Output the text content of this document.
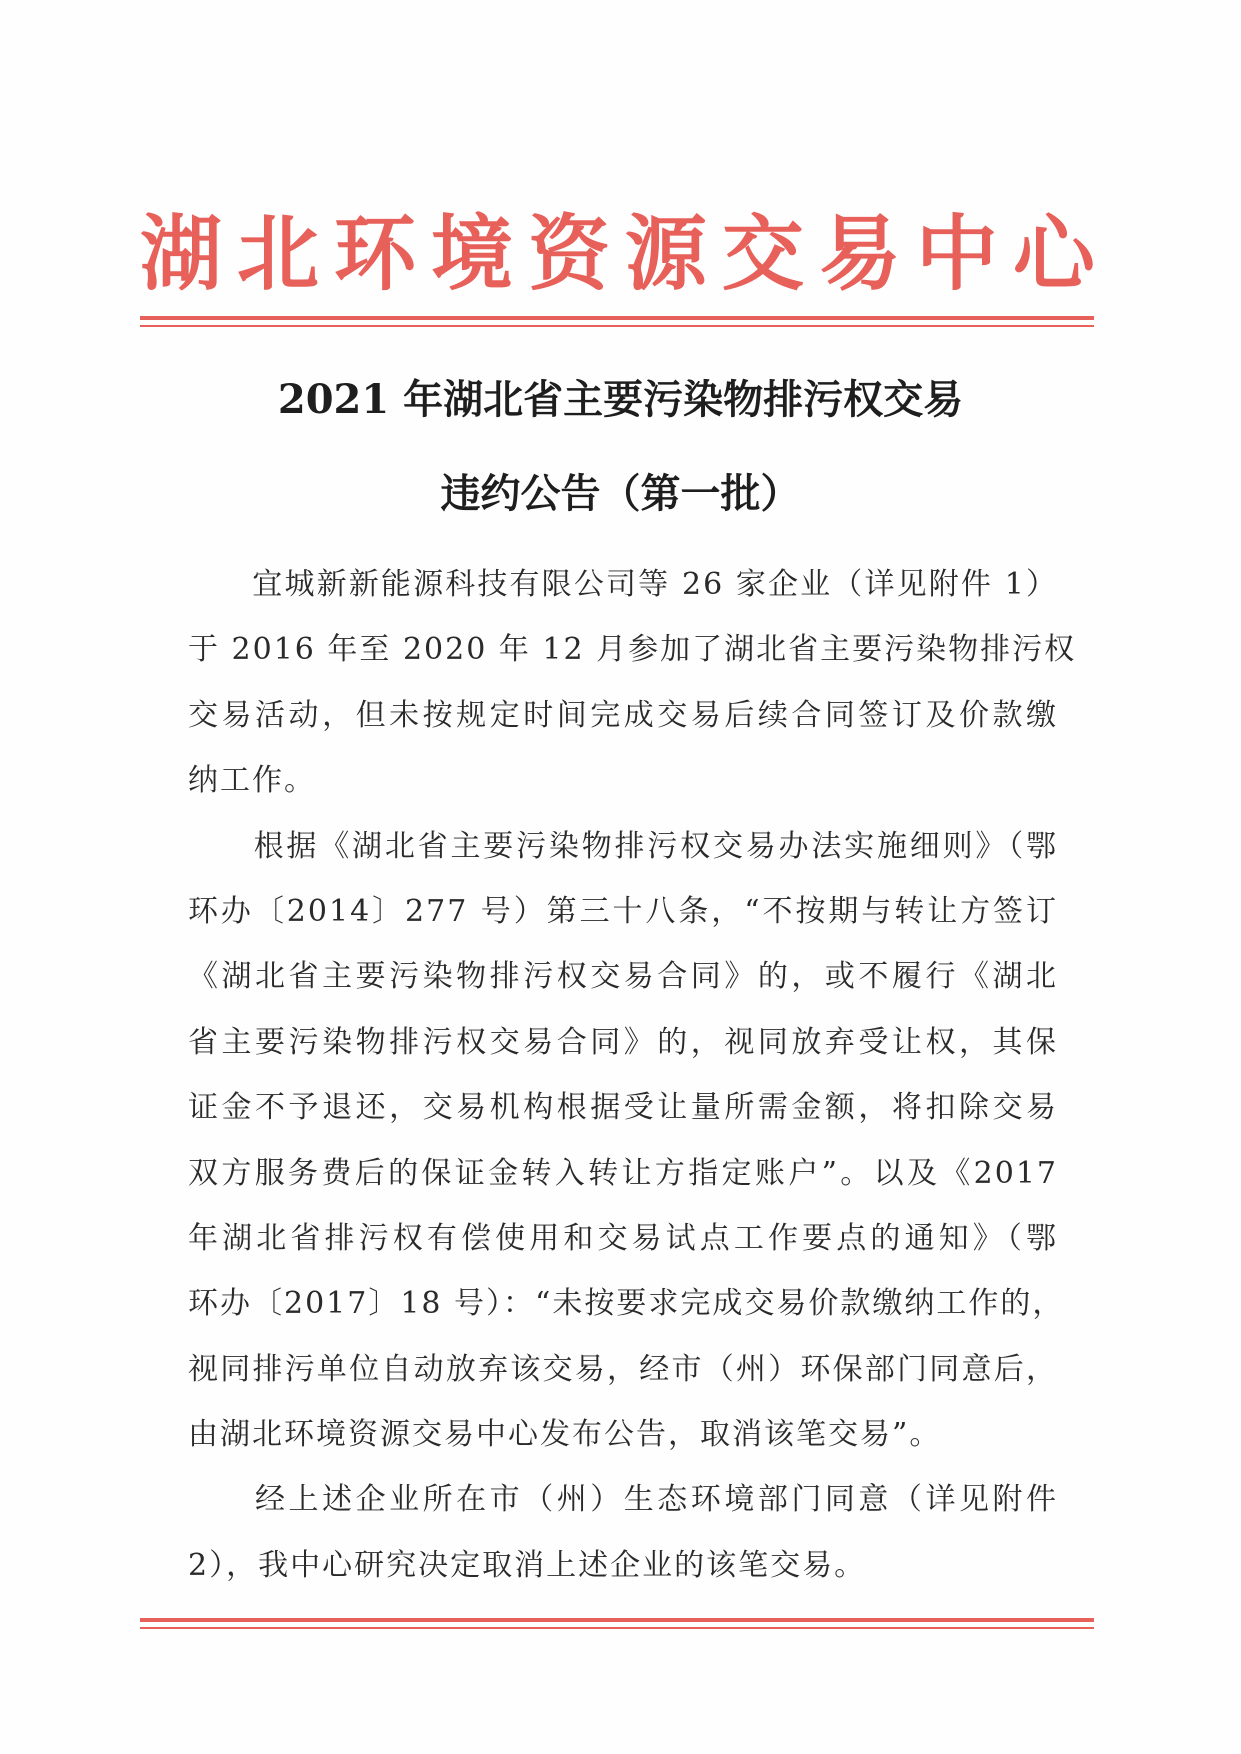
湖 北 环 境 资 源 交 易 中 心
2021 年湖北省主要污染物排污权交易
违约公告（第一批）
　　宜城新新能源科技有限公司等 26 家企业（详见附件 1）
于 2016 年至 2020 年 12 月参加了湖北省主要污染物排污权
交易活动，但未按规定时间完成交易后续合同签订及价款缴
纳工作。
　　根据《湖北省主要污染物排污权交易办法实施细则》（鄂
环办〔2014〕277 号）第三十八条，“不按期与转让方签订
《湖北省主要污染物排污权交易合同》的，或不履行《湖北
省主要污染物排污权交易合同》的，视同放弃受让权，其保
证金不予退还，交易机构根据受让量所需金额，将扣除交易
双方服务费后的保证金转入转让方指定账户”。以及《2017
年湖北省排污权有偿使用和交易试点工作要点的通知》（鄂
环办〔2017〕18 号）：“未按要求完成交易价款缴纳工作的，
视同排污单位自动放弃该交易，经市（州）环保部门同意后，
由湖北环境资源交易中心发布公告，取消该笔交易”。
　　经上述企业所在市（州）生态环境部门同意（详见附件
2），我中心研究决定取消上述企业的该笔交易。
